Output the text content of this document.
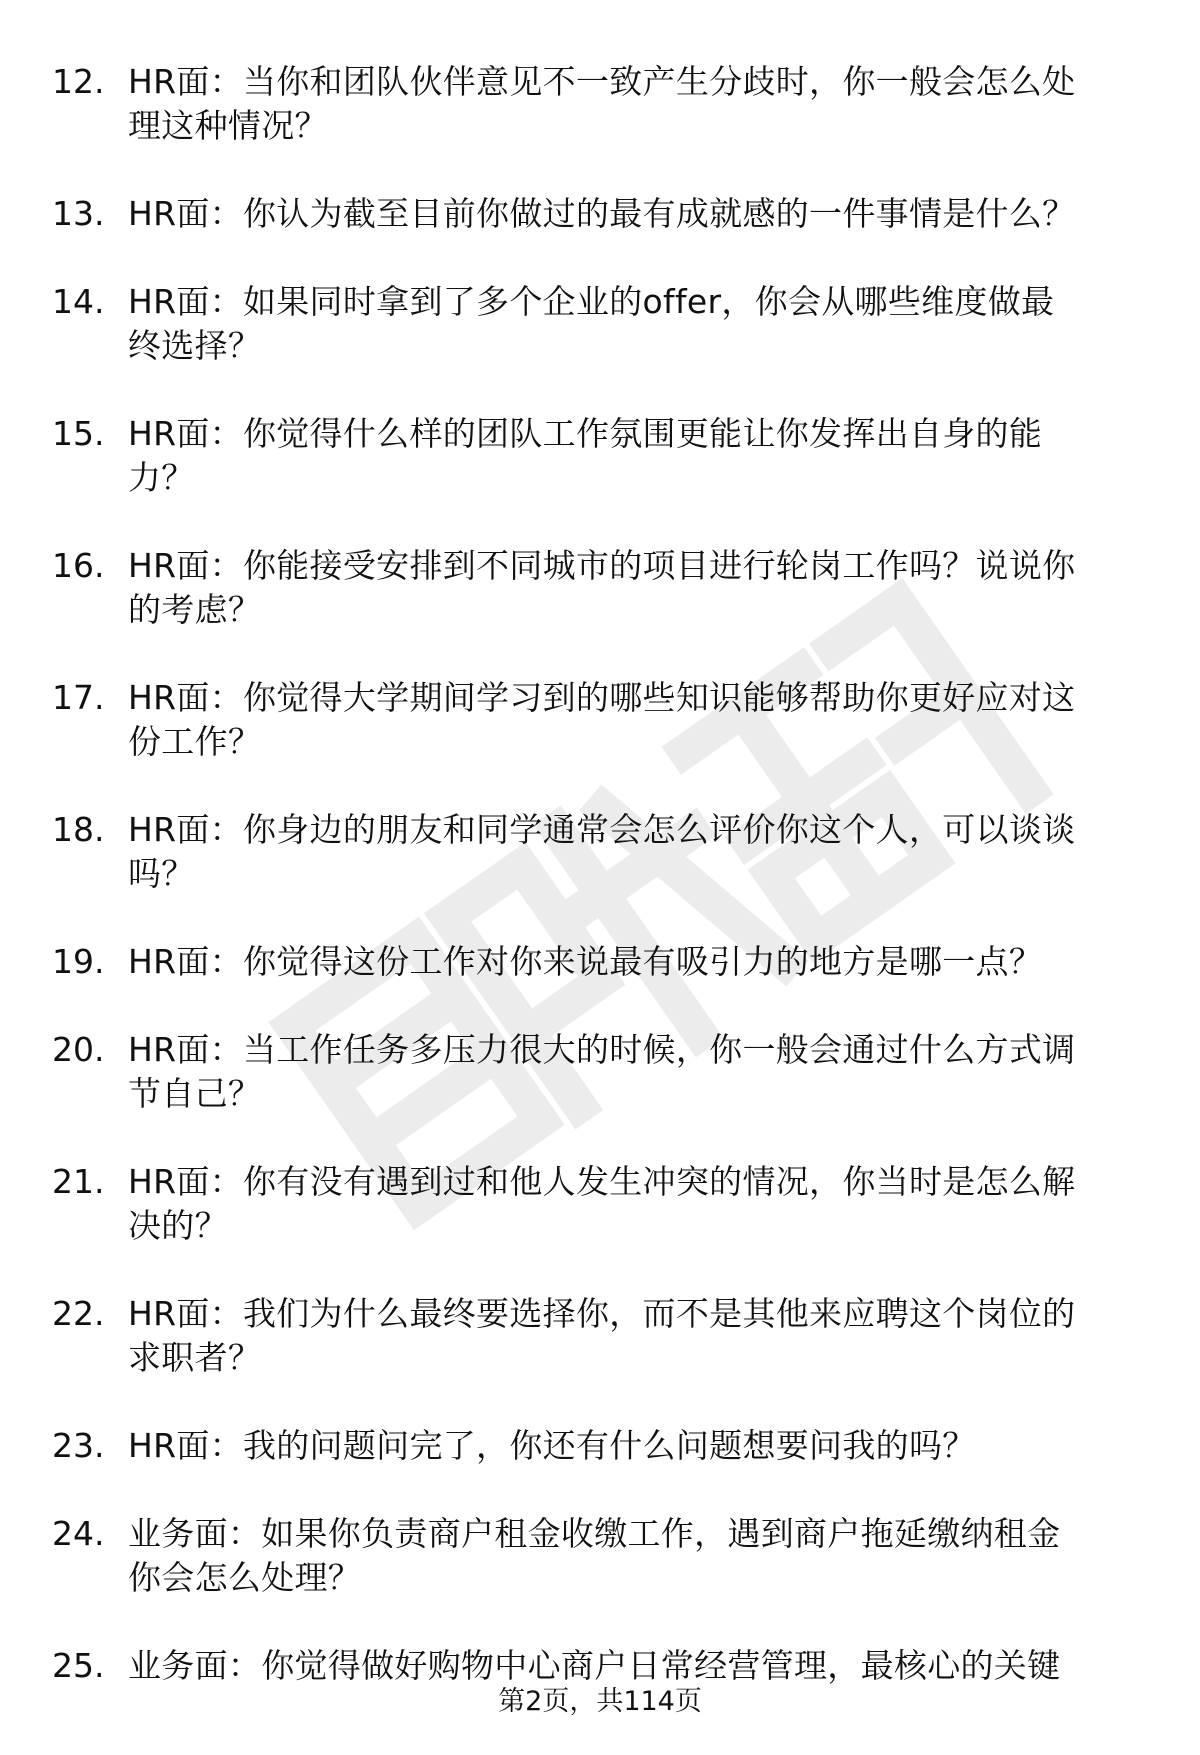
12. HR面：当你和团队伙伴意见不一致产生分歧时，你一般会怎么处
理这种情况？
13. HR面：你认为截至目前你做过的最有成就感的一件事情是什么？
14. HR面：如果同时拿到了多个企业的offer，你会从哪些维度做最
终选择？
15. HR面：你觉得什么样的团队工作氛围更能让你发挥出自身的能
力？
16. HR面：你能接受安排到不同城市的项目进行轮岗工作吗？说说你
的考虑？
17. HR面：你觉得大学期间学习到的哪些知识能够帮助你更好应对这
份工作？
18. HR面：你身边的朋友和同学通常会怎么评价你这个人，可以谈谈
吗？
19. HR面：你觉得这份工作对你来说最有吸引力的地方是哪一点？
20. HR面：当工作任务多压力很大的时候，你一般会通过什么方式调
节自己？
21. HR面：你有没有遇到过和他人发生冲突的情况，你当时是怎么解
决的？
22. HR面：我们为什么最终要选择你，而不是其他来应聘这个岗位的
求职者？
23. HR面：我的问题问完了，你还有什么问题想要问我的吗？
24. 业务面：如果你负责商户租金收缴工作，遇到商户拖延缴纳租金
你会怎么处理？
25. 业务面：你觉得做好购物中心商户日常经营管理，最核心的关键
第2页，共114页
